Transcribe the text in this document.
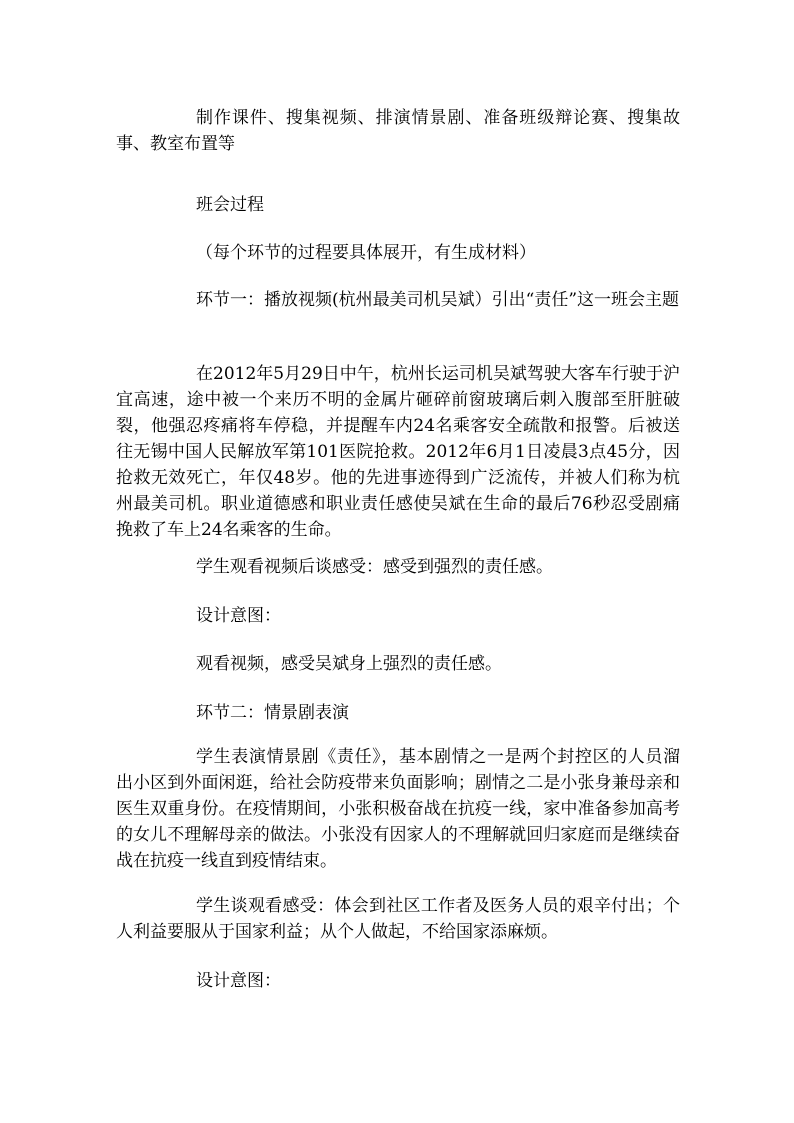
制作课件、搜集视频、排演情景剧、准备班级辩论赛、搜集故事、教室布置等

班会过程

（每个环节的过程要具体展开，有生成材料）

环节一：播放视频(杭州最美司机吴斌）引出“责任”这一班会主题

在2012年5月29日中午，杭州长运司机吴斌驾驶大客车行驶于沪宜高速，途中被一个来历不明的金属片砸碎前窗玻璃后刺入腹部至肝脏破裂，他强忍疼痛将车停稳，并提醒车内24名乘客安全疏散和报警。后被送往无锡中国人民解放军第101医院抢救。2012年6月1日凌晨3点45分，因抢救无效死亡，年仅48岁。他的先进事迹得到广泛流传，并被人们称为杭州最美司机。职业道德感和职业责任感使吴斌在生命的最后76秒忍受剧痛挽救了车上24名乘客的生命。

学生观看视频后谈感受：感受到强烈的责任感。

设计意图：

观看视频，感受吴斌身上强烈的责任感。

环节二：情景剧表演

学生表演情景剧《责任》，基本剧情之一是两个封控区的人员溜出小区到外面闲逛，给社会防疫带来负面影响；剧情之二是小张身兼母亲和医生双重身份。在疫情期间，小张积极奋战在抗疫一线，家中准备参加高考的女儿不理解母亲的做法。小张没有因家人的不理解就回归家庭而是继续奋战在抗疫一线直到疫情结束。

学生谈观看感受：体会到社区工作者及医务人员的艰辛付出；个人利益要服从于国家利益；从个人做起，不给国家添麻烦。

设计意图：
